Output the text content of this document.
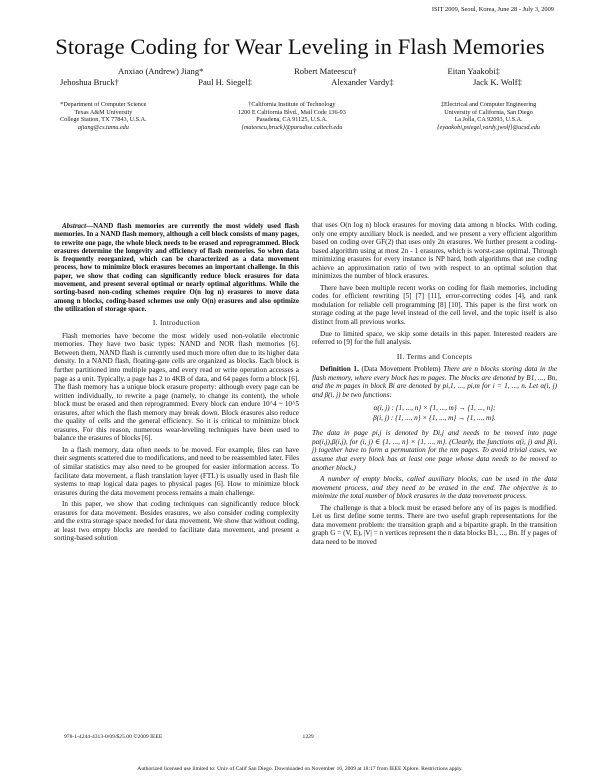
ISIT 2009, Seoul, Korea, June 28 - July 3, 2009
Storage Coding for Wear Leveling in Flash Memories
Anxiao (Andrew) Jiang*	Robert Mateescu†	Eitan Yaakobi‡
Jehoshua Bruck†	Paul H. Siegel‡	Alexander Vardy‡	Jack K. Wolf‡
*Department of Computer Science
Texas A&M University
College Station, TX 77843, U.S.A.
ajiang@cs.tamu.edu
†California Institute of Technology
1200 E California Blvd., Mail Code 136-93
Pasadena, CA 91125, U.S.A.
{mateescu,bruck}@paradise.caltech.edu
‡Electrical and Computer Engineering
University of California, San Diego
La Jolla, CA 92093, U.S.A.
{eyaakobi,psiegel,vardy,jwolf}@ucsd.edu

Abstract—NAND flash memories are currently the most widely used flash memories. In a NAND flash memory, although a cell block consists of many pages, to rewrite one page, the whole block needs to be erased and reprogrammed. Block erasures determine the longevity and efficiency of flash memories. So when data is frequently reorganized, which can be characterized as a data movement process, how to minimize block erasures becomes an important challenge. In this paper, we show that coding can significantly reduce block erasures for data movement, and present several optimal or nearly optimal algorithms. While the sorting-based non-coding schemes require O(n log n) erasures to move data among n blocks, coding-based schemes use only O(n) erasures and also optimize the utilization of storage space.

I. Introduction

Flash memories have become the most widely used non-volatile electronic memories. They have two basic types: NAND and NOR flash memories [6]. Between them, NAND flash is currently used much more often due to its higher data density. In a NAND flash, floating-gate cells are organized as blocks. Each block is further partitioned into multiple pages, and every read or write operation accesses a page as a unit. Typically, a page has 2 to 4KB of data, and 64 pages form a block [6]. The flash memory has a unique block erasure property: although every page can be written individually, to rewrite a page (namely, to change its content), the whole block must be erased and then reprogrammed. Every block can endure 10^4 ~ 10^5 erasures, after which the flash memory may break down. Block erasures also reduce the quality of cells and the general efficiency. So it is critical to minimize block erasures. For this reason, numerous wear-leveling techniques have been used to balance the erasures of blocks [6].

In a flash memory, data often needs to be moved. For example, files can have their segments scattered due to modifications, and need to be reassembled later. Files of similar statistics may also need to be grouped for easier information access. To facilitate data movement, a flash translation layer (FTL) is usually used in flash file systems to map logical data pages to physical pages [6]. How to minimize block erasures during the data movement process remains a main challenge.

In this paper, we show that coding techniques can significantly reduce block erasures for data movement. Besides erasures, we also consider coding complexity and the extra storage space needed for data movement. We show that without coding, at least two empty blocks are needed to facilitate data movement, and present a sorting-based solution

that uses O(n log n) block erasures for moving data among n blocks. With coding, only one empty auxiliary block is needed, and we present a very efficient algorithm based on coding over GF(2) that uses only 2n erasures. We further present a coding-based algorithm using at most 2n - 1 erasures, which is worst-case optimal. Through minimizing erasures for every instance is NP hard, both algorithms that use coding achieve an approximation ratio of two with respect to an optimal solution that minimizes the number of block erasures.

There have been multiple recent works on coding for flash memories, including codes for efficient rewriting [5] [7] [11], error-correcting codes [4], and rank modulation for reliable cell programming [8] [10]. This paper is the first work on storage coding at the page level instead of the cell level, and the topic itself is also distinct from all previous works.

Due to limited space, we skip some details in this paper. Interested readers are referred to [9] for the full analysis.

II. Terms and Concepts

Definition 1. (Data Movement Problem) There are n blocks storing data in the flash memory, where every block has m pages. The blocks are denoted by B1, ..., Bn, and the m pages in block Bi are denoted by pi,1, ..., pi,m for i = 1, ..., n. Let α(i, j) and β(i, j) be two functions:

α(i, j) : {1, ..., n} × {1, ..., m} → {1, ..., n};
β(i, j) : {1, ..., n} × {1, ..., m} → {1, ..., m}.

The data in page pi,j is denoted by Di,j and needs to be moved into page pα(i,j),β(i,j), for (i, j) ∈ {1, ..., n} × {1, ..., m}. (Clearly, the functions α(i, j) and β(i, j) together have to form a permutation for the nm pages. To avoid trivial cases, we assume that every block has at least one page whose data needs to be moved to another block.)

A number of empty blocks, called auxiliary blocks, can be used in the data movement process, and they need to be erased in the end. The objective is to minimize the total number of block erasures in the data movement process.

The challenge is that a block must be erased before any of its pages is modified. Let us first define some terms. There are two useful graph representations for the data movement problem: the transition graph and a bipartite graph. In the transition graph G = (V, E), |V| = n vertices represent the n data blocks B1, ..., Bn. If y pages of data need to be moved

978-1-4244-4313-0/09/$25.00 ©2009 IEEE	1229
Authorized licensed use limited to: Univ of Calif San Diego. Downloaded on November 16, 2009 at 18:17 from IEEE Xplore. Restrictions apply.
